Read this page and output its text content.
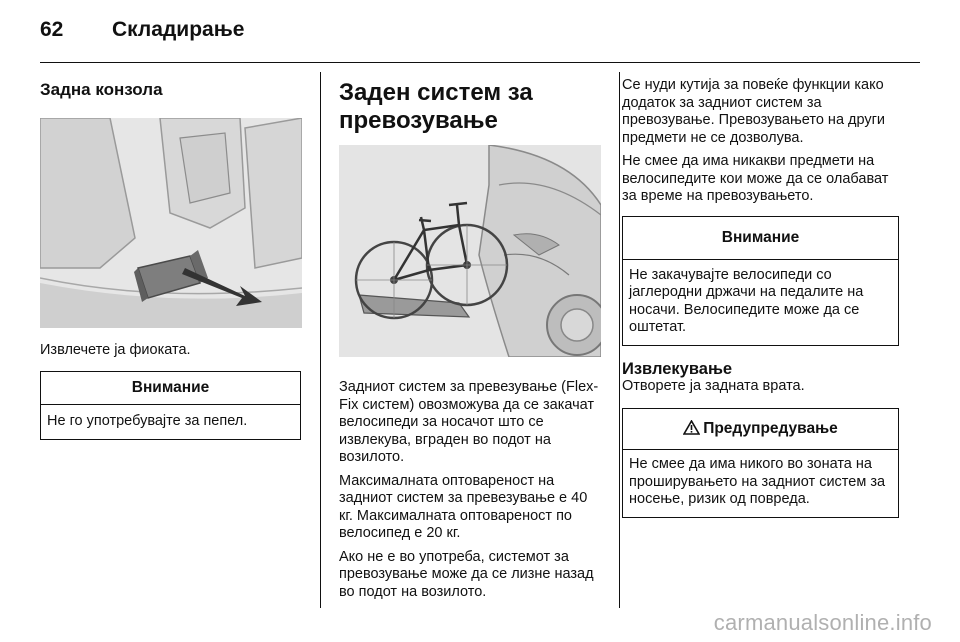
62 Складирање
Задна конзола

Извлечете ја фиоката.

Внимание
Не го употребувајте за пепел.
Заден систем за
превозување

Задниот систем за превезување (Flex-Fix систем) овозможува да се закачат велосипеди за носачот што се извлекува, вграден во подот на возилото.

Максималната оптовареност на задниот систем за превезување е 40 кг. Максималната оптовареност по велосипед е 20 кг.

Ако не е во употреба, системот за превозување може да се лизне назад во подот на возилото.

Се нуди кутија за повеќе функции како додаток за задниот систем за превозување. Превозувањето на други предмети не се дозволува.

Не смее да има никакви предмети на велосипедите кои може да се олабават за време на превозувањето.

Внимание
Не закачувајте велосипеди со јаглеродни држачи на педалите на носачи. Велосипедите може да се оштетат.
Извлекување

Отворете ја задната врата.

Предупредување
Не смее да има никого во зоната на проширувањето на задниот систем за носење, ризик од повреда.
carmanualsonline.info
